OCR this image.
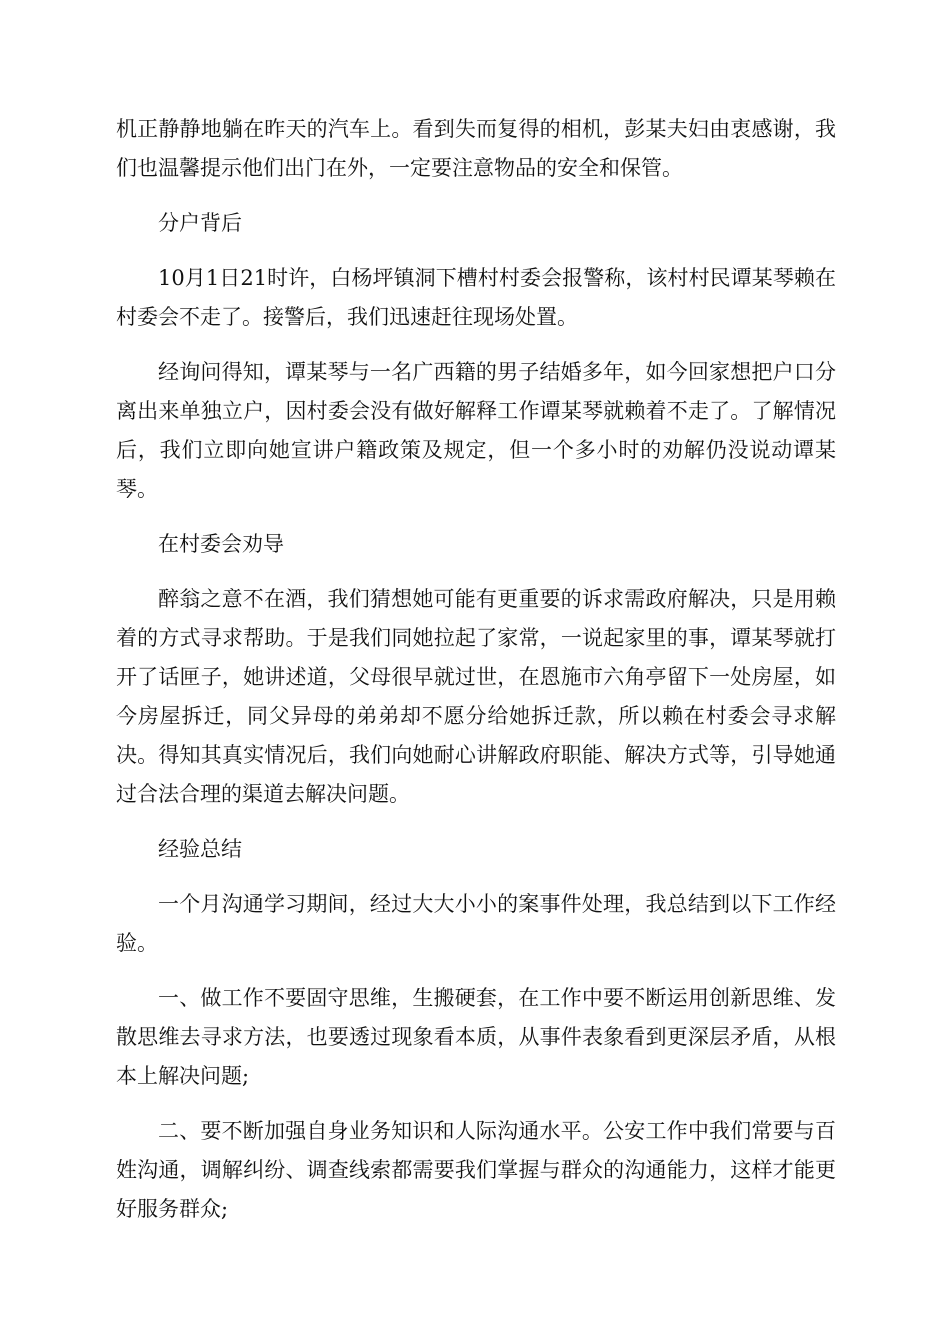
机正静静地躺在昨天的汽车上。看到失而复得的相机，彭某夫妇由衷感谢，我们也温馨提示他们出门在外，一定要注意物品的安全和保管。

分户背后

10月1日21时许，白杨坪镇洞下槽村村委会报警称，该村村民谭某琴赖在村委会不走了。接警后，我们迅速赶往现场处置。

经询问得知，谭某琴与一名广西籍的男子结婚多年，如今回家想把户口分离出来单独立户，因村委会没有做好解释工作谭某琴就赖着不走了。了解情况后，我们立即向她宣讲户籍政策及规定，但一个多小时的劝解仍没说动谭某琴。

在村委会劝导

醉翁之意不在酒，我们猜想她可能有更重要的诉求需政府解决，只是用赖着的方式寻求帮助。于是我们同她拉起了家常，一说起家里的事，谭某琴就打开了话匣子，她讲述道，父母很早就过世，在恩施市六角亭留下一处房屋，如今房屋拆迁，同父异母的弟弟却不愿分给她拆迁款，所以赖在村委会寻求解决。得知其真实情况后，我们向她耐心讲解政府职能、解决方式等，引导她通过合法合理的渠道去解决问题。

经验总结

一个月沟通学习期间，经过大大小小的案事件处理，我总结到以下工作经验。

一、做工作不要固守思维，生搬硬套，在工作中要不断运用创新思维、发散思维去寻求方法，也要透过现象看本质，从事件表象看到更深层矛盾，从根本上解决问题;

二、要不断加强自身业务知识和人际沟通水平。公安工作中我们常要与百姓沟通，调解纠纷、调查线索都需要我们掌握与群众的沟通能力，这样才能更好服务群众;
